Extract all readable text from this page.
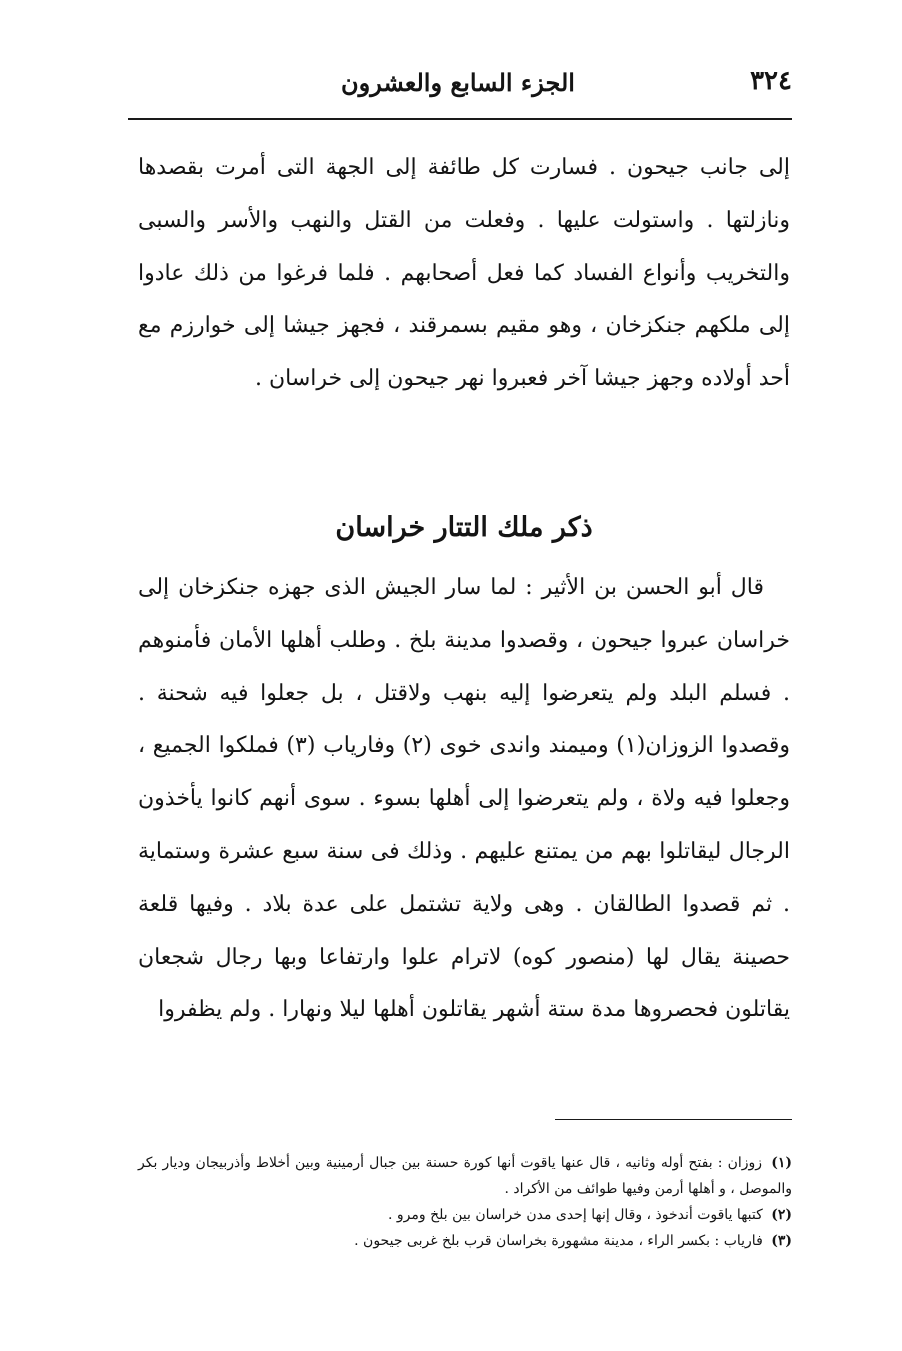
٣٢٤
الجزء السابع والعشرون

إلى جانب جيحون . فسارت كل طائفة إلى الجهة التى أمرت بقصدها ونازلتها . واستولت عليها . وفعلت من القتل والنهب والأسر والسبى والتخريب وأنواع الفساد كما فعل أصحابهم . فلما فرغوا من ذلك عادوا إلى ملكهم جنكزخان ، وهو مقيم بسمرقند ، فجهز جيشا إلى خوارزم مع أحد أولاده وجهز جيشا آخر فعبروا نهر جيحون إلى خراسان .

ذكر ملك التتار خراسان

قال أبو الحسن بن الأثير : لما سار الجيش الذى جهزه جنكزخان إلى خراسان عبروا جيحون ، وقصدوا مدينة بلخ . وطلب أهلها الأمان فأمنوهم . فسلم البلد ولم يتعرضوا إليه بنهب ولاقتل ، بل جعلوا فيه شحنة . وقصدوا الزوزان(١) وميمند واندى خوى (٢) وفارياب (٣) فملكوا الجميع ، وجعلوا فيه ولاة ، ولم يتعرضوا إلى أهلها بسوء . سوى أنهم كانوا يأخذون الرجال ليقاتلوا بهم من يمتنع عليهم . وذلك فى سنة سبع عشرة وستماية . ثم قصدوا الطالقان . وهى ولاية تشتمل على عدة بلاد . وفيها قلعة حصينة يقال لها (منصور كوه) لاترام علوا وارتفاعا وبها رجال شجعان يقاتلون فحصروها مدة ستة أشهر يقاتلون أهلها ليلا ونهارا . ولم يظفروا

(١) زوزان : بفتح أوله وثانيه ، قال عنها ياقوت أنها كورة حسنة بين جبال أرمينية وبين أخلاط وأذربيجان وديار بكر والموصل ، و أهلها أرمن وفيها طوائف من الأكراد .

(٢) كتبها ياقوت أندخوذ ، وقال إنها إحدى مدن خراسان بين بلخ ومرو .

(٣) فارياب : بكسر الراء ، مدينة مشهورة بخراسان قرب بلخ غربى جيحون .
